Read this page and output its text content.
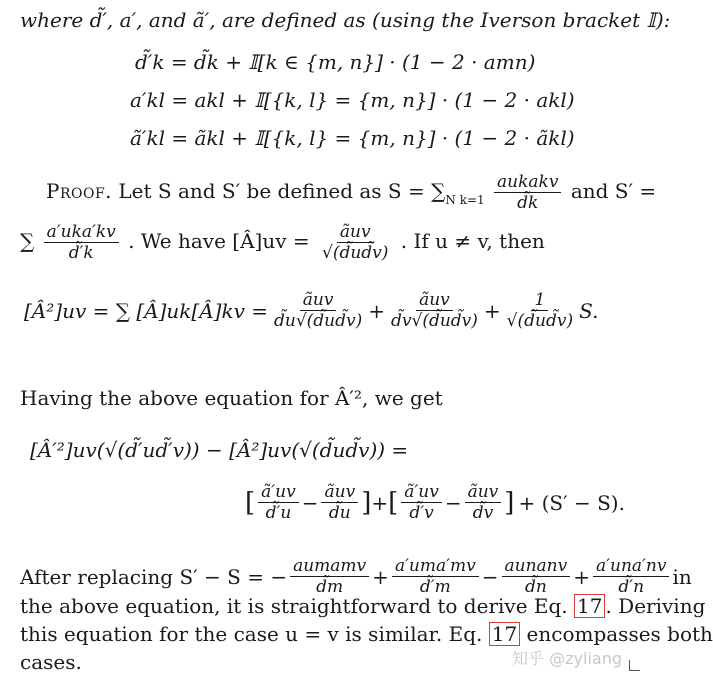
where d̃′, a′, and ã′, are defined as (using the Iverson bracket 𝕀):
d̃′k = d̃k + 𝕀[k ∈ {m, n}] · (1 − 2 · amn)
a′kl = akl + 𝕀[{k, l} = {m, n}] · (1 − 2 · akl)
ã′kl = ãkl + 𝕀[{k, l} = {m, n}] · (1 − 2 · ãkl)
Proof. Let S and S′ be defined as $S = \sum_{N k=1} \frac{\text{aukakv}}{d̃k}$ and S′ =
∑ $\frac{\text{a′uka′kv}}{d̃'k}$ . We have [Â]uv = $\frac{\text{ãuv}}{√(d̃ud̃v)}$ . If u ≠ v, then
[Â²]uv = ∑ [Â]uk[Â]kv = $\frac{\text{ãuv}}{d̃u√(d̃ud̃v)} + \frac{\text{ãuv}}{d̃v√(d̃ud̃v)} + \frac{1}{√(d̃ud̃v)} S$.
Having the above equation for Â′², we get
[Â′²]uv(√(d̃′ud̃′v)) − [Â²]uv(√(d̃ud̃v)) =
[ $\frac{ã'uv}{d̃'u} - \frac{\text{ãuv}}{d̃u}$ ] + [ $\frac{ã'uv}{d̃'v} - \frac{\text{ãuv}}{d̃v}$ ] + (S′ − S).
After replacing S′ − S = − $\frac{\text{aumamv}}{d̃m} + \frac{\text{a′uma′mv}}{d̃'m} - \frac{\text{aunanv}}{d̃n} + \frac{\text{a′una′nv}}{d̃'n}$ in
the above equation, it is straightforward to derive Eq. 17 . Deriving
this equation for the case u = v is similar. Eq. 17 encompasses both
cases.	知乎 @zyliang
